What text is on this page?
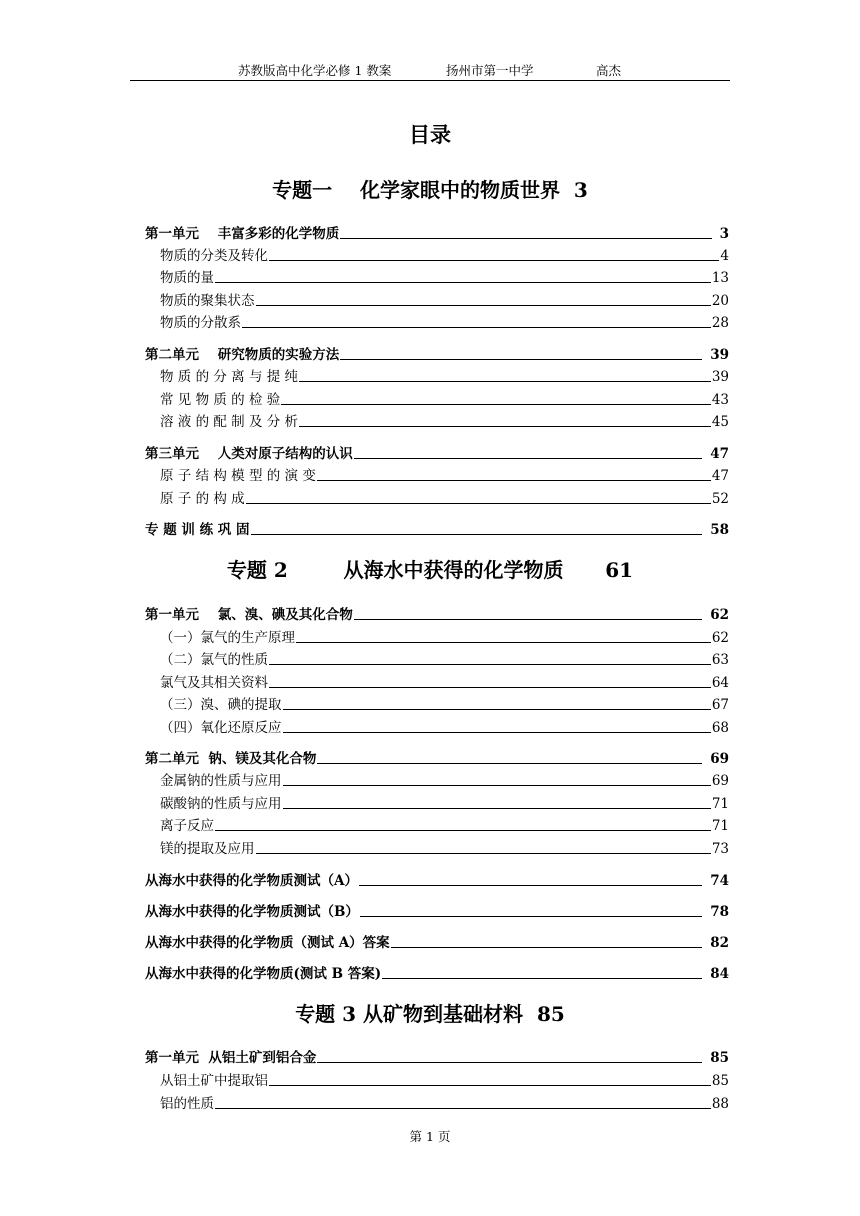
苏教版高中化学必修 1 教案	扬州市第一中学	高杰
目录
专题一    化学家眼中的物质世界  3
第一单元    丰富多彩的化学物质	3
物质的分类及转化	4
物质的量	13
物质的聚集状态	20
物质的分散系	28
第二单元    研究物质的实验方法	39
物 质 的 分 离 与 提 纯	39
常 见 物 质 的 检 验	43
溶 液 的 配 制 及 分 析	45
第三单元    人类对原子结构的认识	47
原 子 结 构 模 型 的 演 变	47
原 子 的 构 成	52
专 题 训 练 巩 固	58
专题 2        从海水中获得的化学物质      61
第一单元    氯、溴、碘及其化合物	62
（一）氯气的生产原理	62
（二）氯气的性质	63
氯气及其相关资料	64
（三）溴、碘的提取	67
（四）氧化还原反应	68
第二单元  钠、镁及其化合物	69
金属钠的性质与应用	69
碳酸钠的性质与应用	71
离子反应	71
镁的提取及应用	73
从海水中获得的化学物质测试（A）	74
从海水中获得的化学物质测试（B）	78
从海水中获得的化学物质（测试 A）答案	82
从海水中获得的化学物质(测试 B 答案)	84
专题 3 从矿物到基础材料  85
第一单元  从铝土矿到铝合金	85
从铝土矿中提取铝	85
铝的性质	88
第 1 页
